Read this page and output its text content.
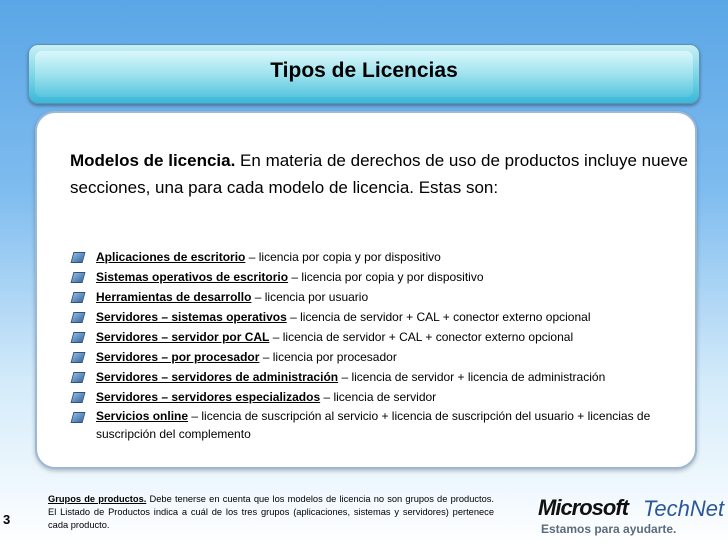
Tipos de Licencias
Modelos de licencia. En materia de derechos de uso de productos incluye nueve secciones, una para cada modelo de licencia. Estas son:
Aplicaciones de escritorio – licencia por copia y por dispositivo
Sistemas operativos de escritorio – licencia por copia y por dispositivo
Herramientas de desarrollo – licencia por usuario
Servidores – sistemas operativos – licencia de servidor + CAL + conector externo opcional
Servidores – servidor por CAL – licencia de servidor + CAL + conector externo opcional
Servidores – por procesador – licencia por procesador
Servidores – servidores de administración – licencia de servidor + licencia de administración
Servidores – servidores especializados – licencia de servidor
Servicios online – licencia de suscripción al servicio + licencia de suscripción del usuario + licencias de suscripción del complemento
Grupos de productos. Debe tenerse en cuenta que los modelos de licencia no son grupos de productos. El Listado de Productos indica a cuál de los tres grupos (aplicaciones, sistemas y servidores) pertenece cada producto.
3	Microsoft TechNet
Estamos para ayudarte.
